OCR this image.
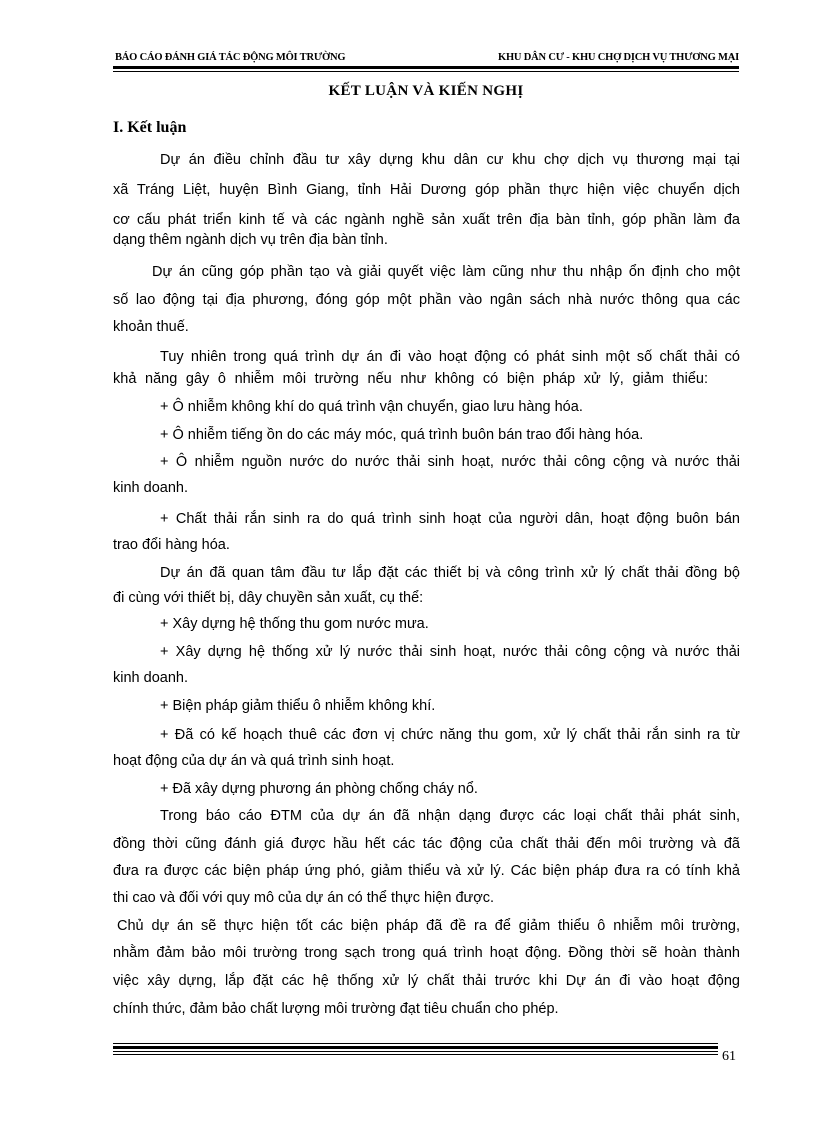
BÁO CÁO ĐÁNH GIÁ TÁC ĐỘNG MÔI TRƯỜNG	KHU DÂN CƯ - KHU CHỢ DỊCH VỤ THƯƠNG MẠI
KẾT LUẬN VÀ KIẾN NGHỊ
I. Kết luận
Dự án điều chỉnh đầu tư xây dựng khu dân cư khu chợ dịch vụ thương mại tại
xã Tráng Liệt, huyện Bình Giang, tỉnh Hải Dương góp phần thực hiện việc chuyển dịch
cơ cấu phát triển kinh tế và các ngành nghề sản xuất trên địa bàn tỉnh, góp phần làm đa
dạng thêm ngành dịch vụ trên địa bàn tỉnh.
Dự án cũng góp phần tạo và giải quyết việc làm cũng như thu nhập ổn định cho một
số lao động tại địa phương, đóng góp một phần vào ngân sách nhà nước thông qua các
khoản thuế.
Tuy nhiên trong quá trình dự án đi vào hoạt động có phát sinh một số chất thải có
khả năng gây ô nhiễm môi trường nếu như không có biện pháp xử lý, giảm thiểu:
+ Ô nhiễm không khí do quá trình vận chuyển, giao lưu hàng hóa.
+ Ô nhiễm tiếng ồn do các máy móc, quá trình buôn bán trao đổi hàng hóa.
+ Ô nhiễm nguồn nước do nước thải sinh hoạt, nước thải công cộng và nước thải
kinh doanh.
+ Chất thải rắn sinh ra do quá trình sinh hoạt của người dân, hoạt động buôn bán
trao đổi hàng hóa.
Dự án đã quan tâm đầu tư lắp đặt các thiết bị và công trình xử lý chất thải đồng bộ
đi cùng với thiết bị, dây chuyền sản xuất, cụ thể:
+ Xây dựng hệ thống thu gom nước mưa.
+ Xây dựng hệ thống xử lý nước thải sinh hoạt, nước thải công cộng và nước thải
kinh doanh.
+ Biện pháp giảm thiểu ô nhiễm không khí.
+ Đã có kế hoạch thuê các đơn vị chức năng thu gom, xử lý chất thải rắn sinh ra từ
hoạt động của dự án và quá trình sinh hoạt.
+ Đã xây dựng phương án phòng chống cháy nổ.
Trong báo cáo ĐTM của dự án đã nhận dạng được các loại chất thải phát sinh,
đồng thời cũng đánh giá được hầu hết các tác động của chất thải đến môi trường và đã
đưa ra được các biện pháp ứng phó, giảm thiểu và xử lý. Các biện pháp đưa ra có tính khả
thi cao và đối với quy mô của dự án có thể thực hiện được.
Chủ dự án sẽ thực hiện tốt các biện pháp đã đề ra để giảm thiểu ô nhiễm môi trường,
nhằm đảm bảo môi trường trong sạch trong quá trình hoạt động. Đồng thời sẽ hoàn thành
việc xây dựng, lắp đặt các hệ thống xử lý chất thải trước khi Dự án đi vào hoạt động
chính thức, đảm bảo chất lượng môi trường đạt tiêu chuẩn cho phép.
61
